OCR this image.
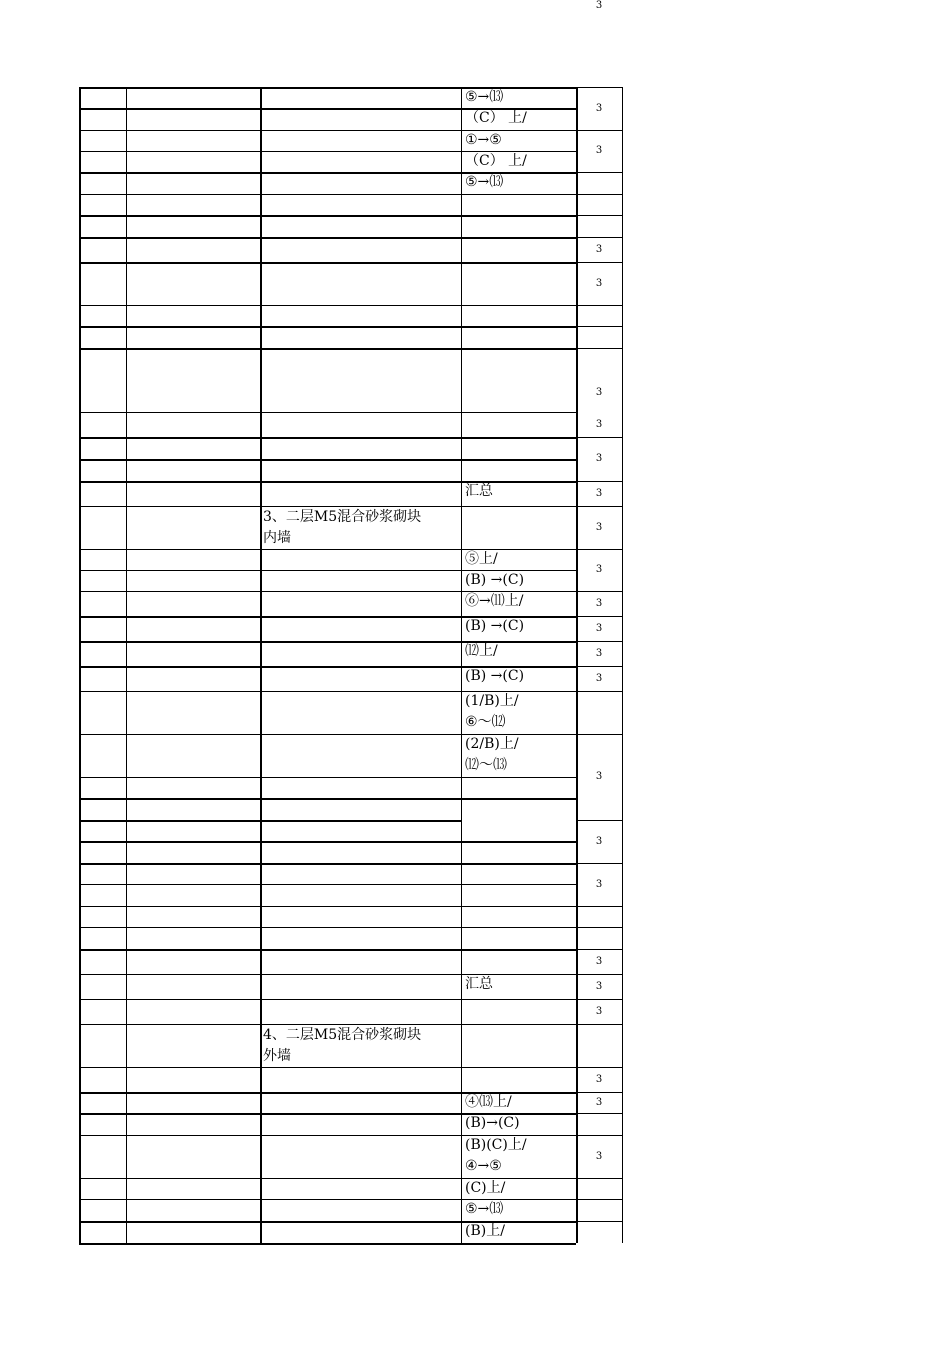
⑤→⒀
（C） 上/
①→⑤
（C） 上/
⑤→⒀
汇总
3、二层M5混合砂浆砌块
内墙
⑤上/
(B) →(C)
⑥→⑾上/
(B) →(C)
⑿上/
(B) →(C)
(1/B)上/
⑥～⑿
(2/B)上/
⑿～⒀
汇总
4、二层M5混合砂浆砌块
外墙
④⒀上/
(B)→(C)
(B)(C)上/
④→⑤
(C)上/
⑤→⒀
(B)上/
3
3
3
3
3
3
3
3
3
3
3
3
3
3
3
3
3
3
3
3
3
3
3
3
